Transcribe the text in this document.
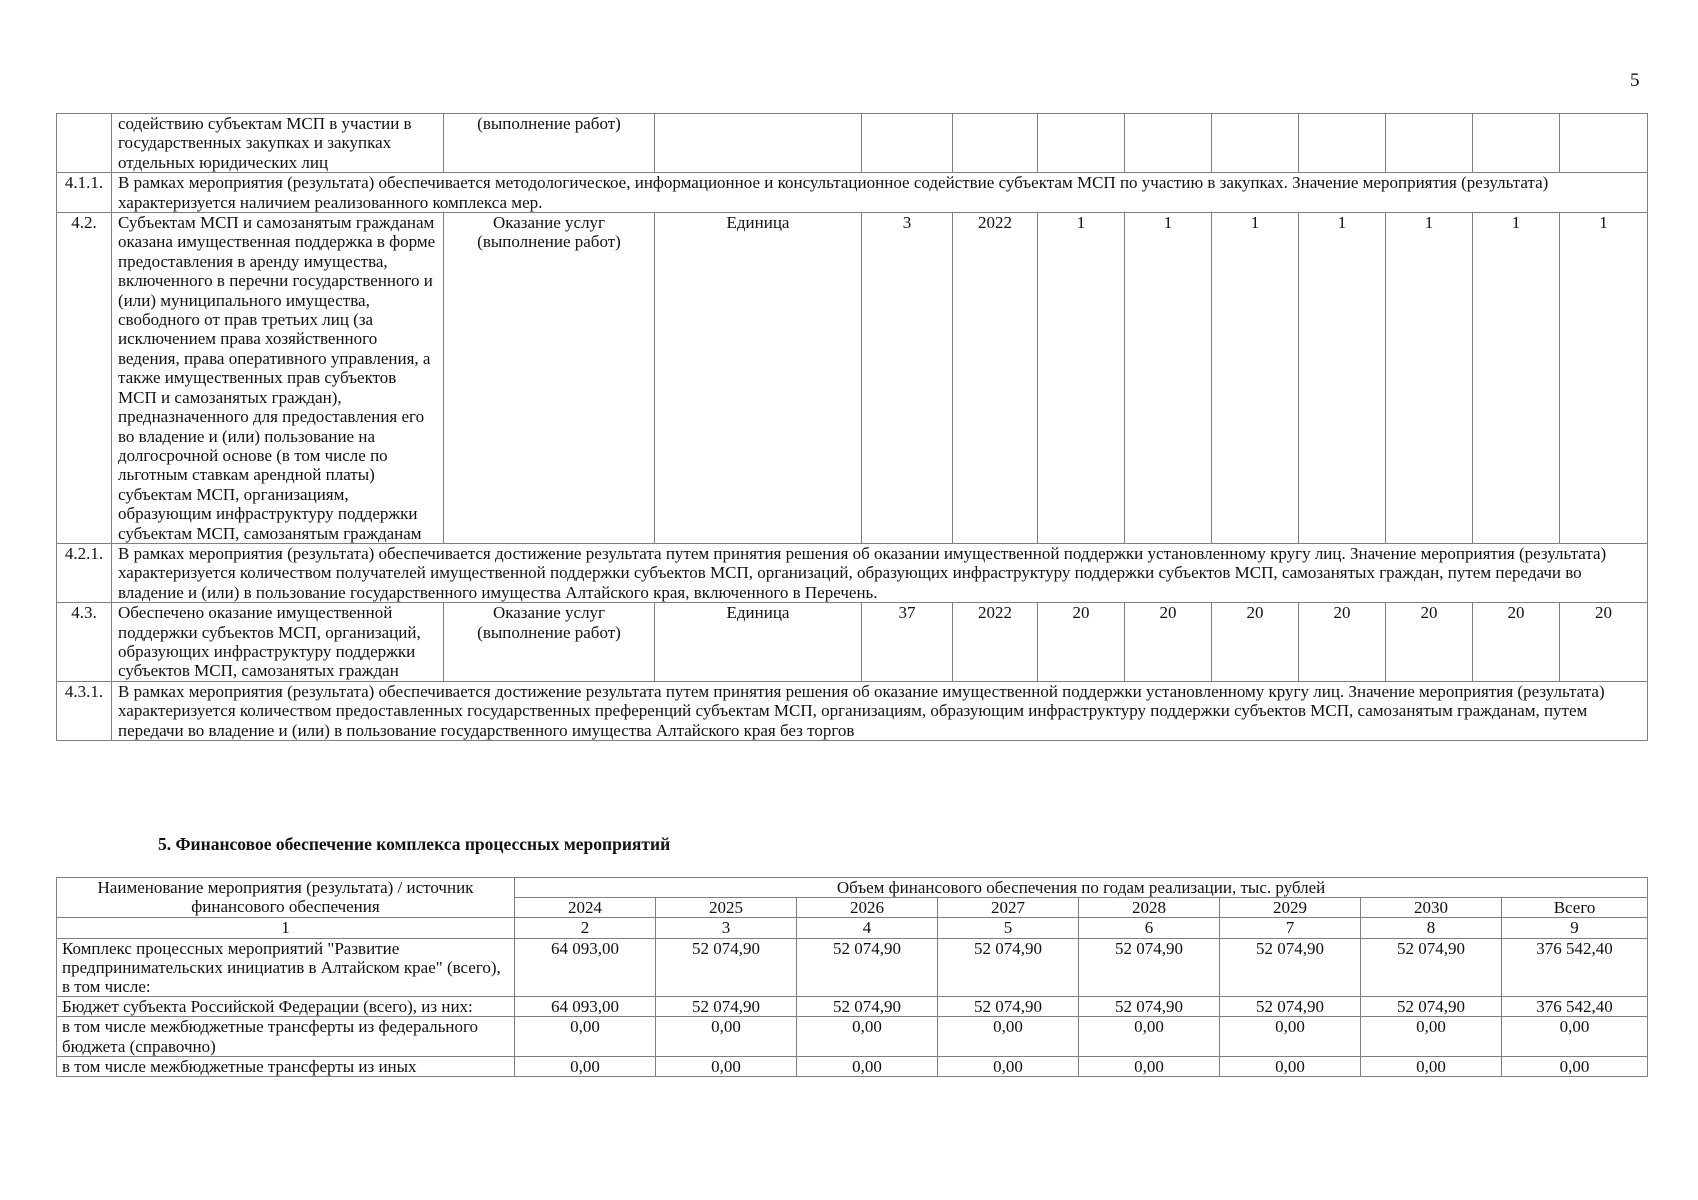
5
	содействию субъектам МСП в участии в государственных закупках и закупках отдельных юридических лиц	(выполнение работ)										
4.1.1.	В рамках мероприятия (результата) обеспечивается методологическое, информационное и консультационное содействие субъектам МСП по участию в закупках. Значение мероприятия (результата) характеризуется наличием реализованного комплекса мер.											
4.2.	Субъектам МСП и самозанятым гражданам оказана имущественная поддержка в форме предоставления в аренду имущества, включенного в перечни государственного и (или) муниципального имущества, свободного от прав третьих лиц (за исключением права хозяйственного ведения, права оперативного управления, а также имущественных прав субъектов МСП и самозанятых граждан), предназначенного для предоставления его во владение и (или) пользование на долгосрочной основе (в том числе по льготным ставкам арендной платы) субъектам МСП, организациям, образующим инфраструктуру поддержки субъектам МСП, самозанятым гражданам	Оказание услуг (выполнение работ)	Единица	3	2022	1	1	1	1	1	1	1
4.2.1.	В рамках мероприятия (результата) обеспечивается достижение результата путем принятия решения об оказании имущественной поддержки установленному кругу лиц. Значение мероприятия (результата) характеризуется количеством получателей имущественной поддержки субъектов МСП, организаций, образующих инфраструктуру поддержки субъектов МСП, самозанятых граждан, путем передачи во владение и (или) в пользование государственного имущества Алтайского края, включенного в Перечень.											
4.3.	Обеспечено оказание имущественной поддержки субъектов МСП, организаций, образующих инфраструктуру поддержки субъектов МСП, самозанятых граждан	Оказание услуг (выполнение работ)	Единица	37	2022	20	20	20	20	20	20	20
4.3.1.	В рамках мероприятия (результата) обеспечивается достижение результата путем принятия решения об оказание имущественной поддержки установленному кругу лиц. Значение мероприятия (результата) характеризуется количеством предоставленных государственных преференций субъектам МСП, организациям, образующим инфраструктуру поддержки субъектов МСП, самозанятым гражданам, путем передачи во владение и (или) в пользование государственного имущества Алтайского края без торгов											
5. Финансовое обеспечение комплекса процессных мероприятий
Наименование мероприятия (результата) / источник финансового обеспечения	Объем финансового обеспечения по годам реализации, тыс. рублей							
	2024	2025	2026	2027	2028	2029	2030	Всего
1	2	3	4	5	6	7	8	9
Комплекс процессных мероприятий "Развитие предпринимательских инициатив в Алтайском крае" (всего), в том числе:	64 093,00	52 074,90	52 074,90	52 074,90	52 074,90	52 074,90	52 074,90	376 542,40
Бюджет субъекта Российской Федерации (всего), из них:	64 093,00	52 074,90	52 074,90	52 074,90	52 074,90	52 074,90	52 074,90	376 542,40
в том числе межбюджетные трансферты из федерального бюджета (справочно)	0,00	0,00	0,00	0,00	0,00	0,00	0,00	0,00
в том числе межбюджетные трансферты из иных	0,00	0,00	0,00	0,00	0,00	0,00	0,00	0,00
